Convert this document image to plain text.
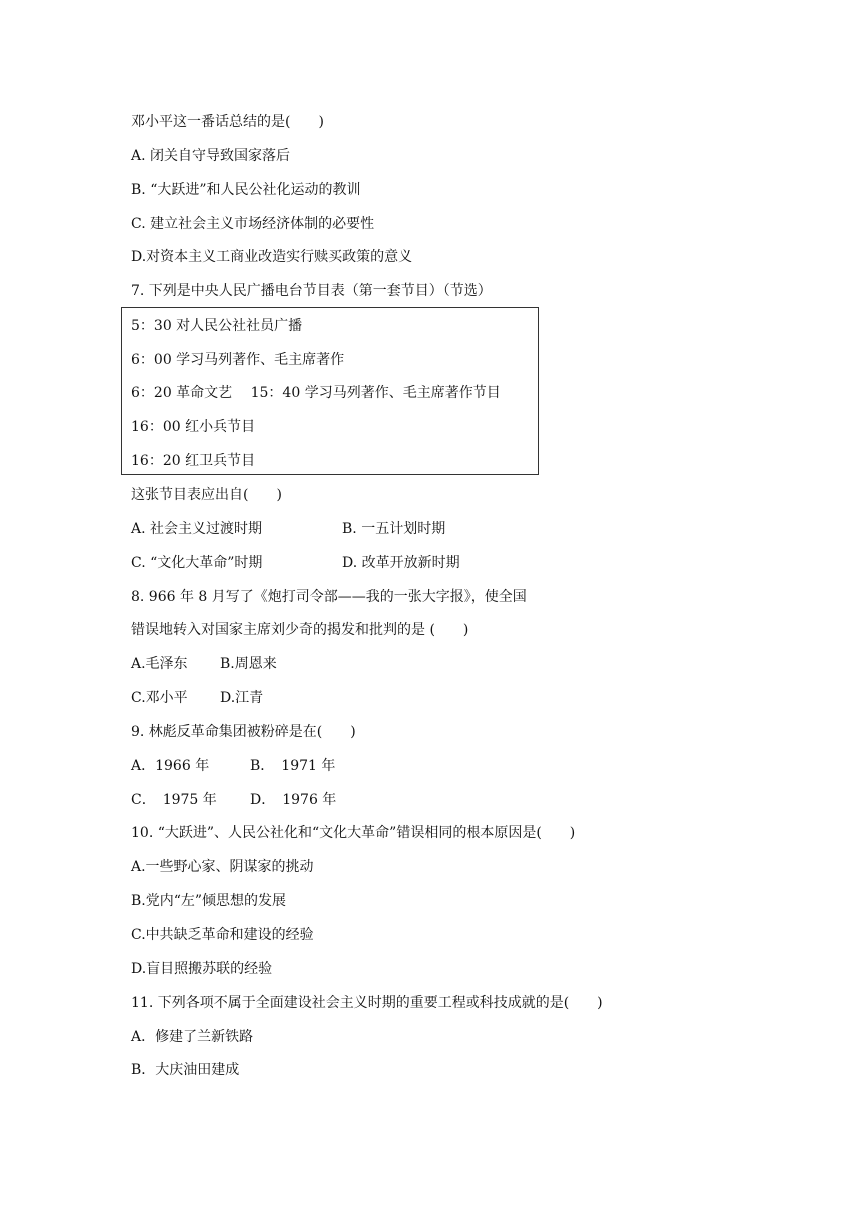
邓小平这一番话总结的是(　　)
A. 闭关自守导致国家落后
B. “大跃进”和人民公社化运动的教训
C. 建立社会主义市场经济体制的必要性
D.对资本主义工商业改造实行赎买政策的意义
7. 下列是中央人民广播电台节目表（第一套节目）（节选）
5：30 对人民公社社员广播
6：00 学习马列著作、毛主席著作
6：20 革命文艺　 15：40 学习马列著作、毛主席著作节目
16：00 红小兵节目
16：20 红卫兵节目
这张节目表应出自(　　)
A. 社会主义过渡时期	B. 一五计划时期
C. “文化大革命”时期	D. 改革开放新时期
8. 966 年 8 月写了《炮打司令部——我的一张大字报》，使全国
错误地转入对国家主席刘少奇的揭发和批判的是 (　　)
A.毛泽东 B.周恩来
C.邓小平 D.江青
9. 林彪反革命集团被粉碎是在(　　)
A．1966 年	B．　1971 年
C．　1975 年 D．　1976 年
10. “大跃进”、人民公社化和“文化大革命”错误相同的根本原因是(　　)
A.一些野心家、阴谋家的挑动
B.党内“左”倾思想的发展
C.中共缺乏革命和建设的经验
D.盲目照搬苏联的经验
11. 下列各项不属于全面建设社会主义时期的重要工程或科技成就的是(　　)
A．修建了兰新铁路
B．大庆油田建成
